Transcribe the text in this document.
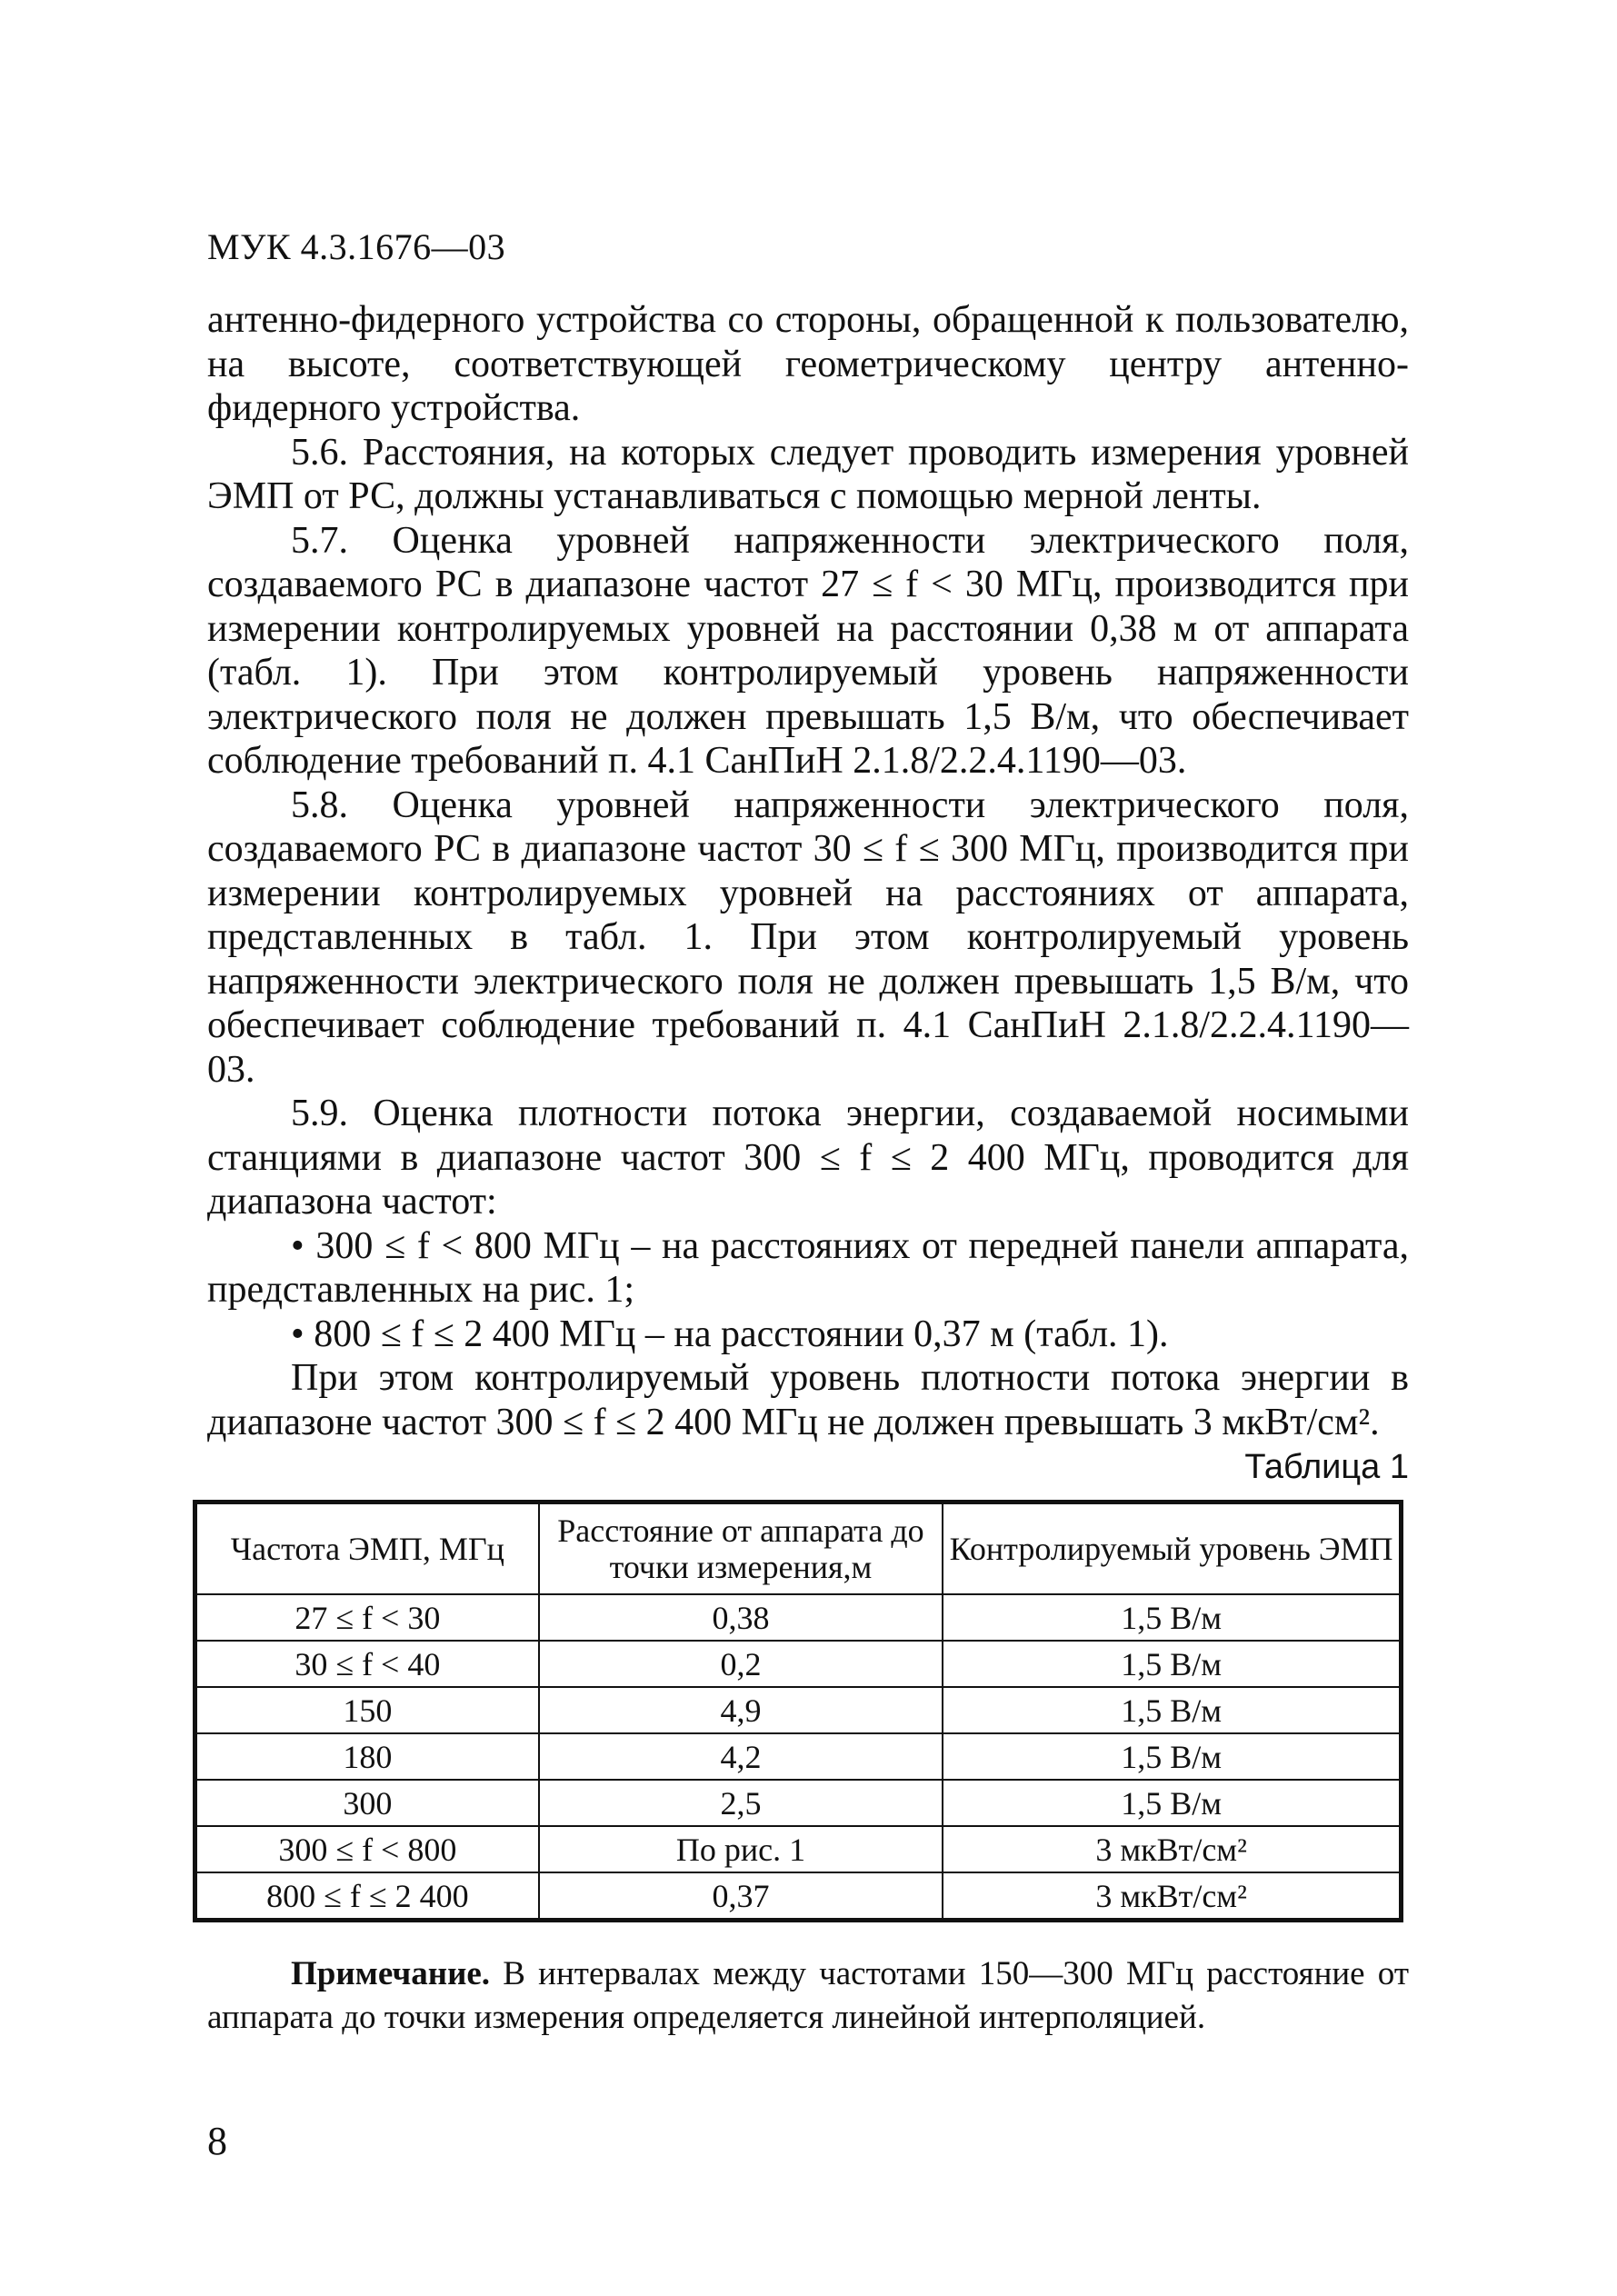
МУК 4.3.1676—03

антенно-фидерного устройства со стороны, обращенной к пользователю, на высоте, соответствующей геометрическому центру антенно-фидерного устройства.

5.6. Расстояния, на которых следует проводить измерения уровней ЭМП от РС, должны устанавливаться с помощью мерной ленты.

5.7. Оценка уровней напряженности электрического поля, создаваемого РС в диапазоне частот 27 ≤ f < 30 МГц, производится при измерении контролируемых уровней на расстоянии 0,38 м от аппарата (табл. 1). При этом контролируемый уровень напряженности электрического поля не должен превышать 1,5 В/м, что обеспечивает соблюдение требований п. 4.1 СанПиН 2.1.8/2.2.4.1190—03.

5.8. Оценка уровней напряженности электрического поля, создаваемого РС в диапазоне частот 30 ≤ f ≤ 300 МГц, производится при измерении контролируемых уровней на расстояниях от аппарата, представленных в табл. 1. При этом контролируемый уровень напряженности электрического поля не должен превышать 1,5 В/м, что обеспечивает соблюдение требований п. 4.1 СанПиН 2.1.8/2.2.4.1190—03.

5.9. Оценка плотности потока энергии, создаваемой носимыми станциями в диапазоне частот 300 ≤ f ≤ 2 400 МГц, проводится для диапазона частот:

• 300 ≤ f < 800 МГц – на расстояниях от передней панели аппарата, представленных на рис. 1;

• 800 ≤ f ≤ 2 400 МГц – на расстоянии 0,37 м (табл. 1).

При этом контролируемый уровень плотности потока энергии в диапазоне частот 300 ≤ f ≤ 2 400 МГц не должен превышать 3 мкВт/см².

Таблица 1
Частота ЭМП, МГц	Расстояние от аппарата до точки измерения,м	Контролируемый уровень ЭМП
27 ≤ f < 30	0,38	1,5 В/м
30 ≤ f < 40	0,2	1,5 В/м
150	4,9	1,5 В/м
180	4,2	1,5 В/м
300	2,5	1,5 В/м
300 ≤ f < 800	По рис. 1	3 мкВт/см²
800 ≤ f ≤ 2 400	0,37	3 мкВт/см²
Примечание. В интервалах между частотами 150—300 МГц расстояние от аппарата до точки измерения определяется линейной интерполяцией.
8
